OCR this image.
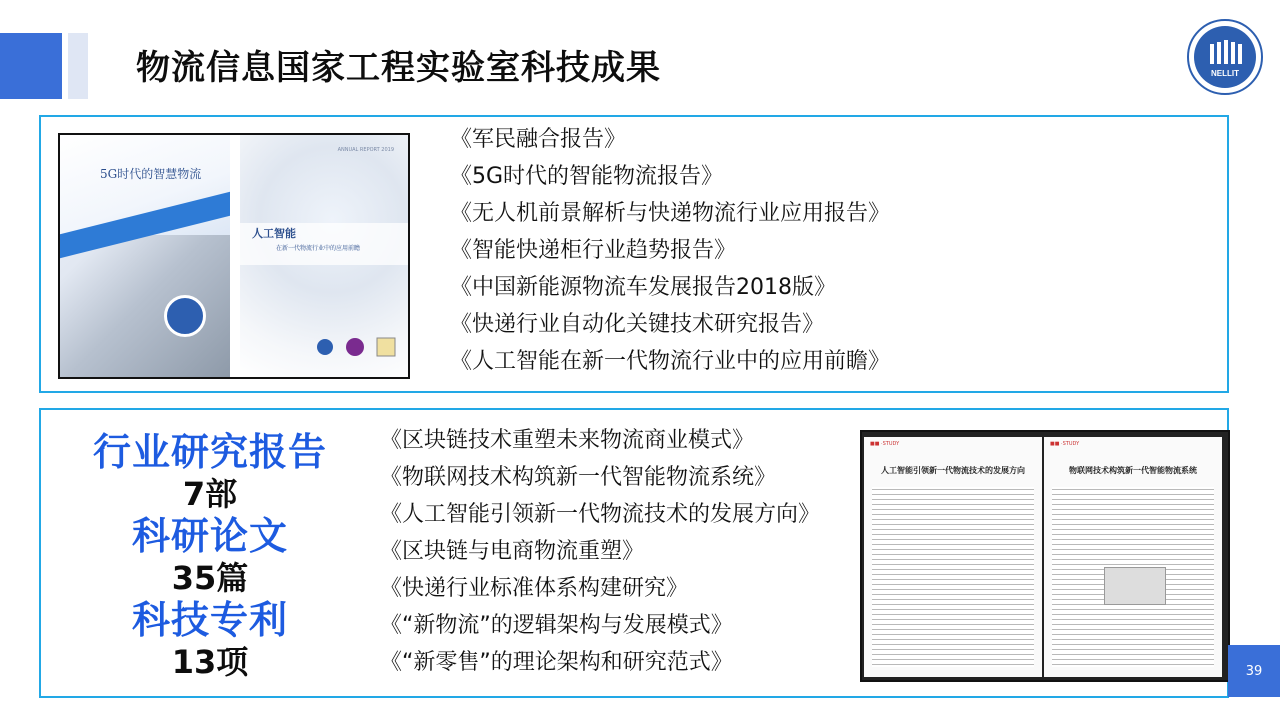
物流信息国家工程实验室科技成果	NELLIT
5G时代的智慧物流
ANNUAL REPORT 2019
人工智能
在新一代物流行业中的应用前瞻
《军民融合报告》
《5G时代的智能物流报告》
《无人机前景解析与快递物流行业应用报告》
《智能快递柜行业趋势报告》
《中国新能源物流车发展报告2018版》
《快递行业自动化关键技术研究报告》
《人工智能在新一代物流行业中的应用前瞻》
行业研究报告
7部
科研论文
35篇
科技专利
13项
《区块链技术重塑未来物流商业模式》
《物联网技术构筑新一代智能物流系统》
《人工智能引领新一代物流技术的发展方向》
《区块链与电商物流重塑》
《快递行业标准体系构建研究》
《“新物流”的逻辑架构与发展模式》
《“新零售”的理论架构和研究范式》
■■ ·STUDY
人工智能引领新一代物流技术的发展方向
■■ ·STUDY
物联网技术构筑新一代智能物流系统
39
